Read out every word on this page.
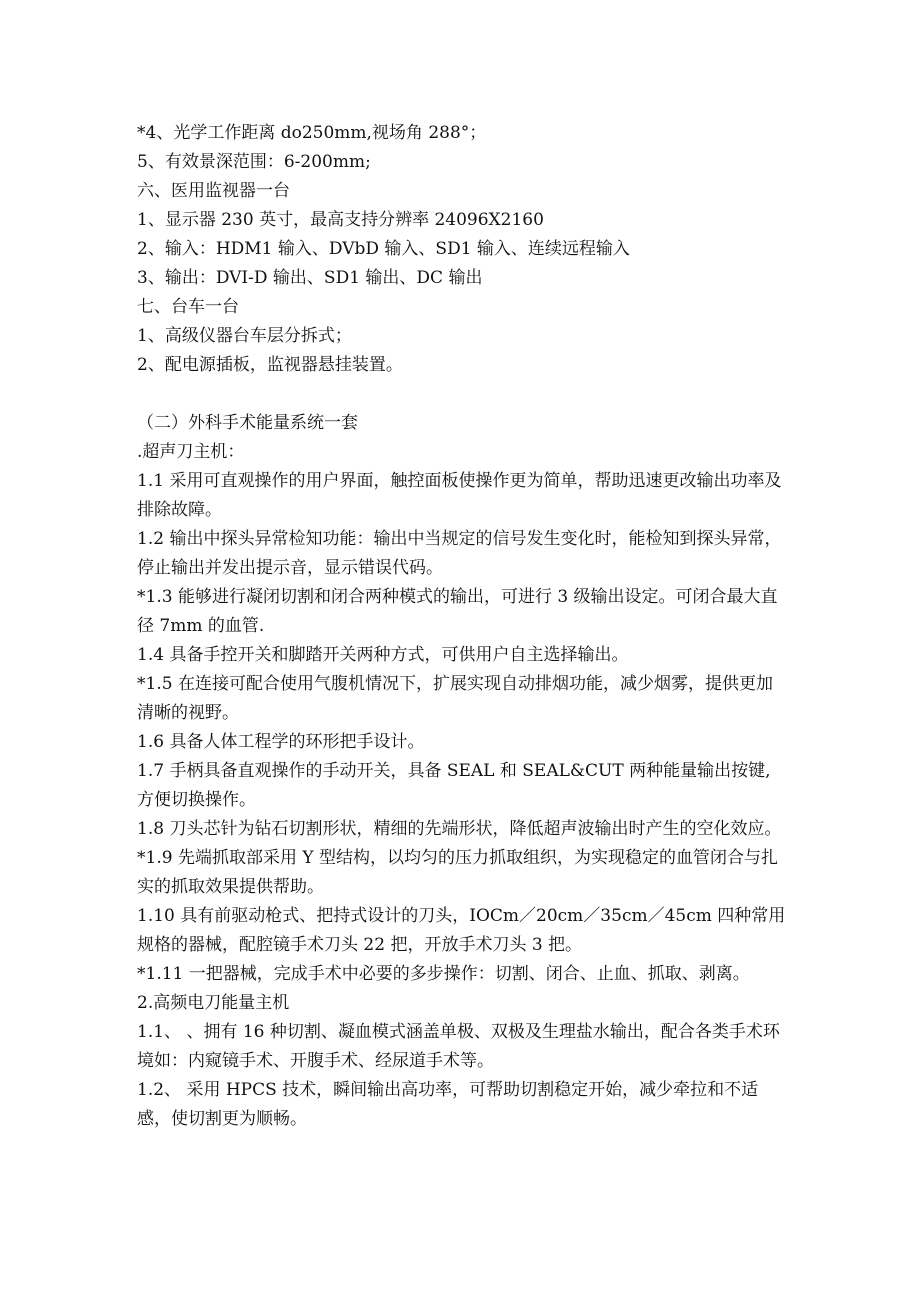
*4、光学工作距离 do250mm,视场角 288°；

5、有效景深范围：6-200mm;

六、医用监视器一台

1、显示器 230 英寸，最高支持分辨率 24096X2160

2、输入：HDM1 输入、DVbD 输入、SD1 输入、连续远程输入

3、输出：DVI-D 输出、SD1 输出、DC 输出

七、台车一台

1、高级仪器台车层分拆式；

2、配电源插板，监视器悬挂装置。

（二）外科手术能量系统一套

.超声刀主机：

1.1 采用可直观操作的用户界面，触控面板使操作更为简单，帮助迅速更改输出功率及排除故障。

1.2 输出中探头异常检知功能：输出中当规定的信号发生变化时，能检知到探头异常，停止输出并发出提示音，显示错误代码。

*1.3 能够进行凝闭切割和闭合两种模式的输出，可进行 3 级输出设定。可闭合最大直径 7mm 的血管.

1.4 具备手控开关和脚踏开关两种方式，可供用户自主选择输出。

*1.5 在连接可配合使用气腹机情况下，扩展实现自动排烟功能，减少烟雾，提供更加清晰的视野。

1.6 具备人体工程学的环形把手设计。

1.7 手柄具备直观操作的手动开关，具备 SEAL 和 SEAL&CUT 两种能量输出按键,方便切换操作。

1.8 刀头芯针为钻石切割形状，精细的先端形状，降低超声波输出时产生的空化效应。

*1.9 先端抓取部采用 Y 型结构，以均匀的压力抓取组织，为实现稳定的血管闭合与扎实的抓取效果提供帮助。

1.10 具有前驱动枪式、把持式设计的刀头，IOCm／20cm／35cm／45cm 四种常用规格的器械，配腔镜手术刀头 22 把，开放手术刀头 3 把。

*1.11 一把器械，完成手术中必要的多步操作：切割、闭合、止血、抓取、剥离。

2.高频电刀能量主机

1.1、 、拥有 16 种切割、凝血模式涵盖单极、双极及生理盐水输出，配合各类手术环境如：内窥镜手术、开腹手术、经尿道手术等。

1.2、 采用 HPCS 技术，瞬间输出高功率，可帮助切割稳定开始，减少牵拉和不适感，使切割更为顺畅。
